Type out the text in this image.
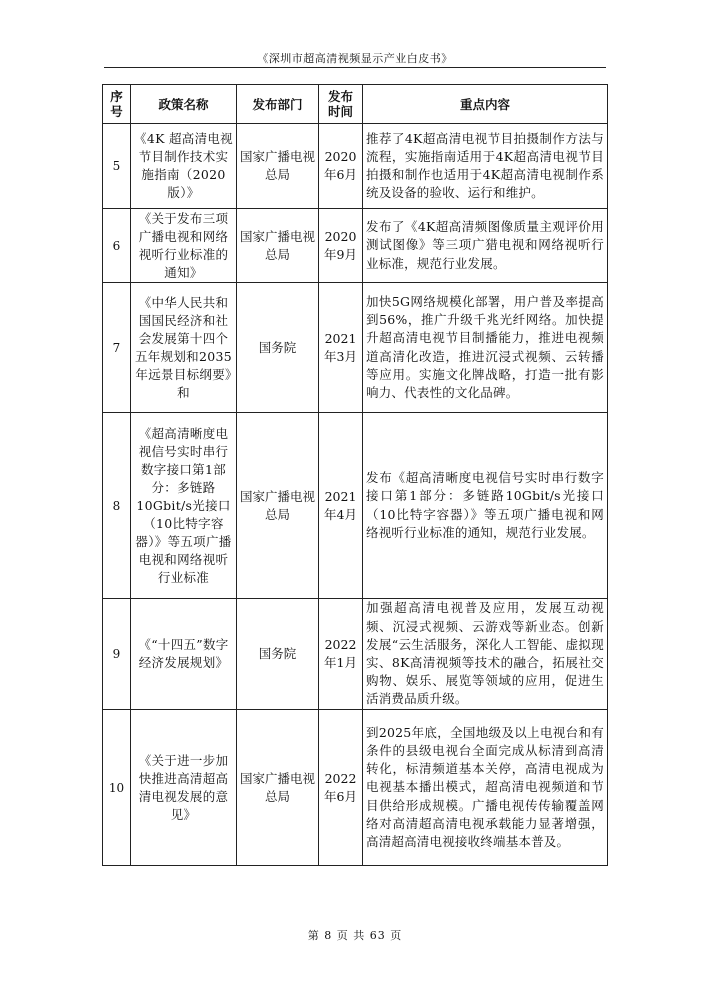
《深圳市超高清视频显示产业白皮书》
序号	政策名称	发布部门	发布时间	重点内容
5	《4K 超高清电视节目制作技术实施指南（2020版）》	国家广播电视总局	2020年6月	推荐了4K超高清电视节目拍摄制作方法与流程，实施指南适用于4K超高清电视节目拍摄和制作也适用于4K超高清电视制作系统及设备的验收、运行和维护。
6	《关于发布三项广播电视和网络视听行业标准的通知》	国家广播电视总局	2020年9月	发布了《4K超高清频图像质量主观评价用测试图像》等三项广猎电视和网络视听行业标准，规范行业发展。
7	《中华人民共和国国民经济和社会发展第十四个五年规划和2035年远景目标纲要》和	国务院	2021年3月	加快5G网络规模化部署，用户普及率提高到56%，推广升级千兆光纤网络。加快提升超高清电视节目制播能力，推进电视频道高清化改造，推进沉浸式视频、云转播等应用。实施文化牌战略，打造一批有影响力、代表性的文化品碑。
8	《超高清晰度电视信号实时串行数字接口第1部分：多链路10Gbit/s光接口（10比特字容器）》等五项广播电视和网络视听行业标准	国家广播电视总局	2021年4月	发布《超高清晰度电视信号实时串行数字接口第1部分：多链路10Gbit/s光接口（10比特字容器）》等五项广播电视和网络视听行业标准的通知，规范行业发展。
9	《“十四五”数字经济发展规划》	国务院	2022年1月	加强超高清电视普及应用，发展互动视频、沉浸式视频、云游戏等新业态。创新发展“云生活服务，深化人工智能、虚拟现实、8K高清视频等技术的融合，拓展社交购物、娱乐、展览等领域的应用，促进生活消费品质升级。
10	《关于进一步加快推进高清超高清电视发展的意见》	国家广播电视总局	2022年6月	到2025年底，全国地级及以上电视台和有条件的县级电视台全面完成从标清到高清转化，标清频道基本关停，高清电视成为电视基本播出模式，超高清电视频道和节目供给形成规模。广播电视传传输覆盖网络对高清超高清电视承载能力显著增强，高清超高清电视接收终端基本普及。
第 8 页 共 63 页
